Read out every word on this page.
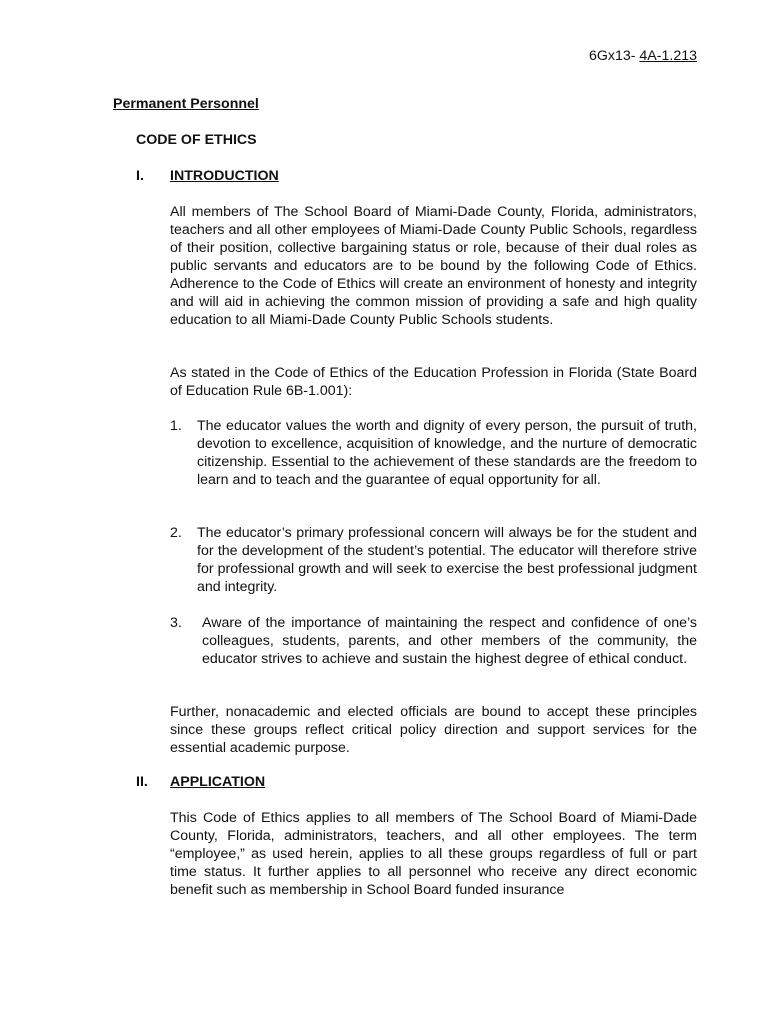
6Gx13- 4A-1.213
Permanent Personnel
CODE OF ETHICS
I. INTRODUCTION
All members of The School Board of Miami-Dade County, Florida, administrators, teachers and all other employees of Miami-Dade County Public Schools, regardless of their position, collective bargaining status or role, because of their dual roles as public servants and educators are to be bound by the following Code of Ethics. Adherence to the Code of Ethics will create an environment of honesty and integrity and will aid in achieving the common mission of providing a safe and high quality education to all Miami-Dade County Public Schools students.
As stated in the Code of Ethics of the Education Profession in Florida (State Board of Education Rule 6B-1.001):
1. The educator values the worth and dignity of every person, the pursuit of truth, devotion to excellence, acquisition of knowledge, and the nurture of democratic citizenship. Essential to the achievement of these standards are the freedom to learn and to teach and the guarantee of equal opportunity for all.
2. The educator’s primary professional concern will always be for the student and for the development of the student’s potential. The educator will therefore strive for professional growth and will seek to exercise the best professional judgment and integrity.
3. Aware of the importance of maintaining the respect and confidence of one’s colleagues, students, parents, and other members of the community, the educator strives to achieve and sustain the highest degree of ethical conduct.
Further, nonacademic and elected officials are bound to accept these principles since these groups reflect critical policy direction and support services for the essential academic purpose.
II. APPLICATION
This Code of Ethics applies to all members of The School Board of Miami-Dade County, Florida, administrators, teachers, and all other employees. The term “employee,” as used herein, applies to all these groups regardless of full or part time status. It further applies to all personnel who receive any direct economic benefit such as membership in School Board funded insurance
